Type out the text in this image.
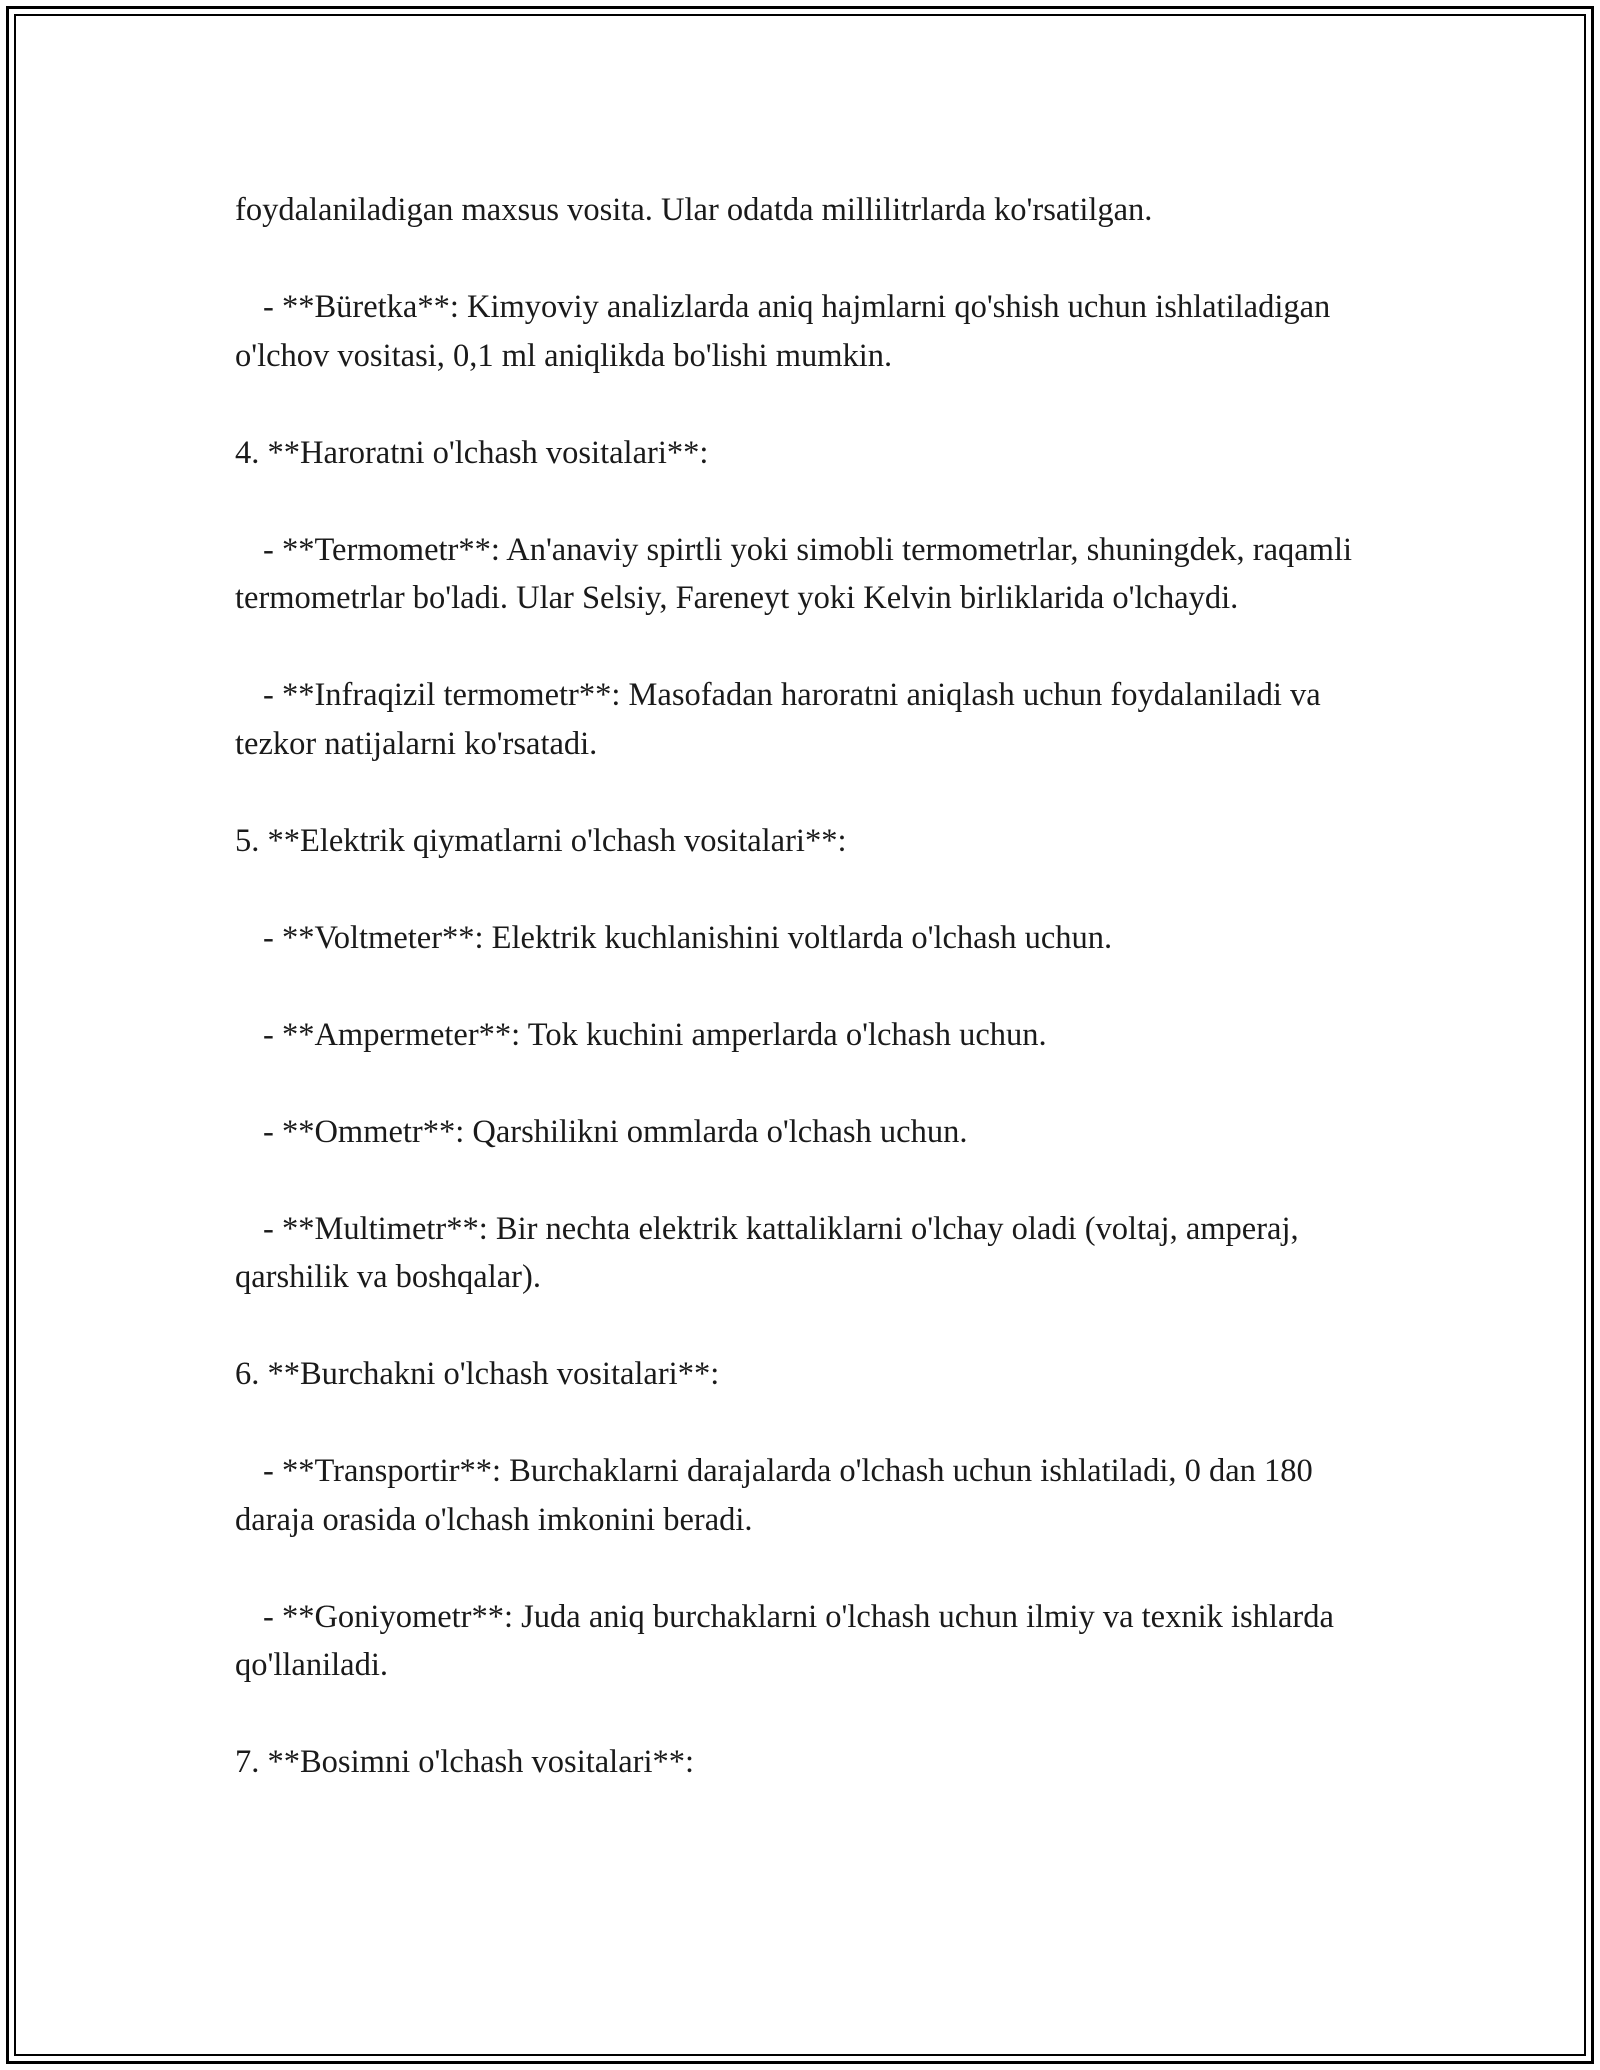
foydalaniladigan maxsus vosita. Ular odatda millilitrlarda ko'rsatilgan.

- **Büretka**: Kimyoviy analizlarda aniq hajmlarni qo'shish uchun ishlatiladigan o'lchov vositasi, 0,1 ml aniqlikda bo'lishi mumkin.

4. **Haroratni o'lchash vositalari**:

- **Termometr**: An'anaviy spirtli yoki simobli termometrlar, shuningdek, raqamli termometrlar bo'ladi. Ular Selsiy, Fareneyt yoki Kelvin birliklarida o'lchaydi.

- **Infraqizil termometr**: Masofadan haroratni aniqlash uchun foydalaniladi va tezkor natijalarni ko'rsatadi.

5. **Elektrik qiymatlarni o'lchash vositalari**:

- **Voltmeter**: Elektrik kuchlanishini voltlarda o'lchash uchun.

- **Ampermeter**: Tok kuchini amperlarda o'lchash uchun.

- **Ommetr**: Qarshilikni ommlarda o'lchash uchun.

- **Multimetr**: Bir nechta elektrik kattaliklarni o'lchay oladi (voltaj, amperaj, qarshilik va boshqalar).

6. **Burchakni o'lchash vositalari**:

- **Transportir**: Burchaklarni darajalarda o'lchash uchun ishlatiladi, 0 dan 180 daraja orasida o'lchash imkonini beradi.

- **Goniyometr**: Juda aniq burchaklarni o'lchash uchun ilmiy va texnik ishlarda qo'llaniladi.

7. **Bosimni o'lchash vositalari**:
